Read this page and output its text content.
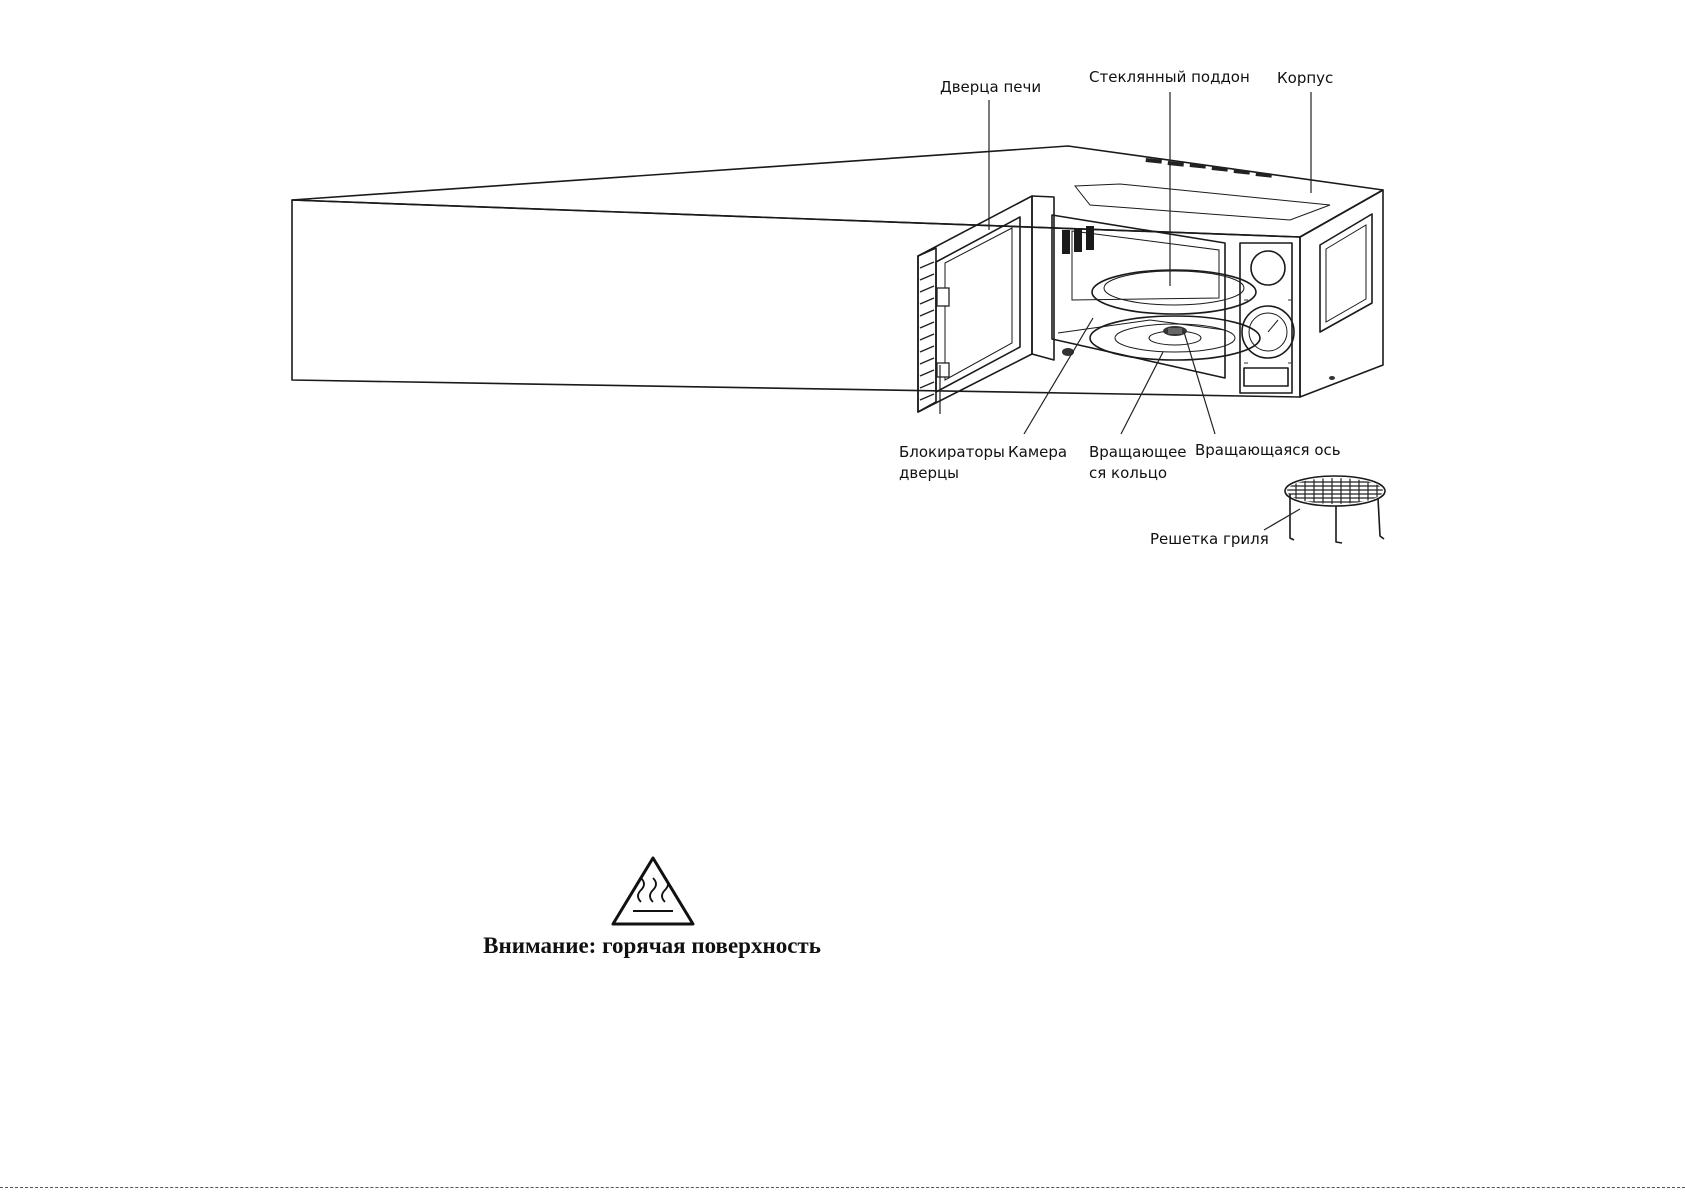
Дверца печи
Стеклянный поддон Корпус
Блокираторы
дверцы
Камера Вращающее
ся кольцо
Вращающаяся ось
Решетка гриля
Внимание: горячая поверхность
